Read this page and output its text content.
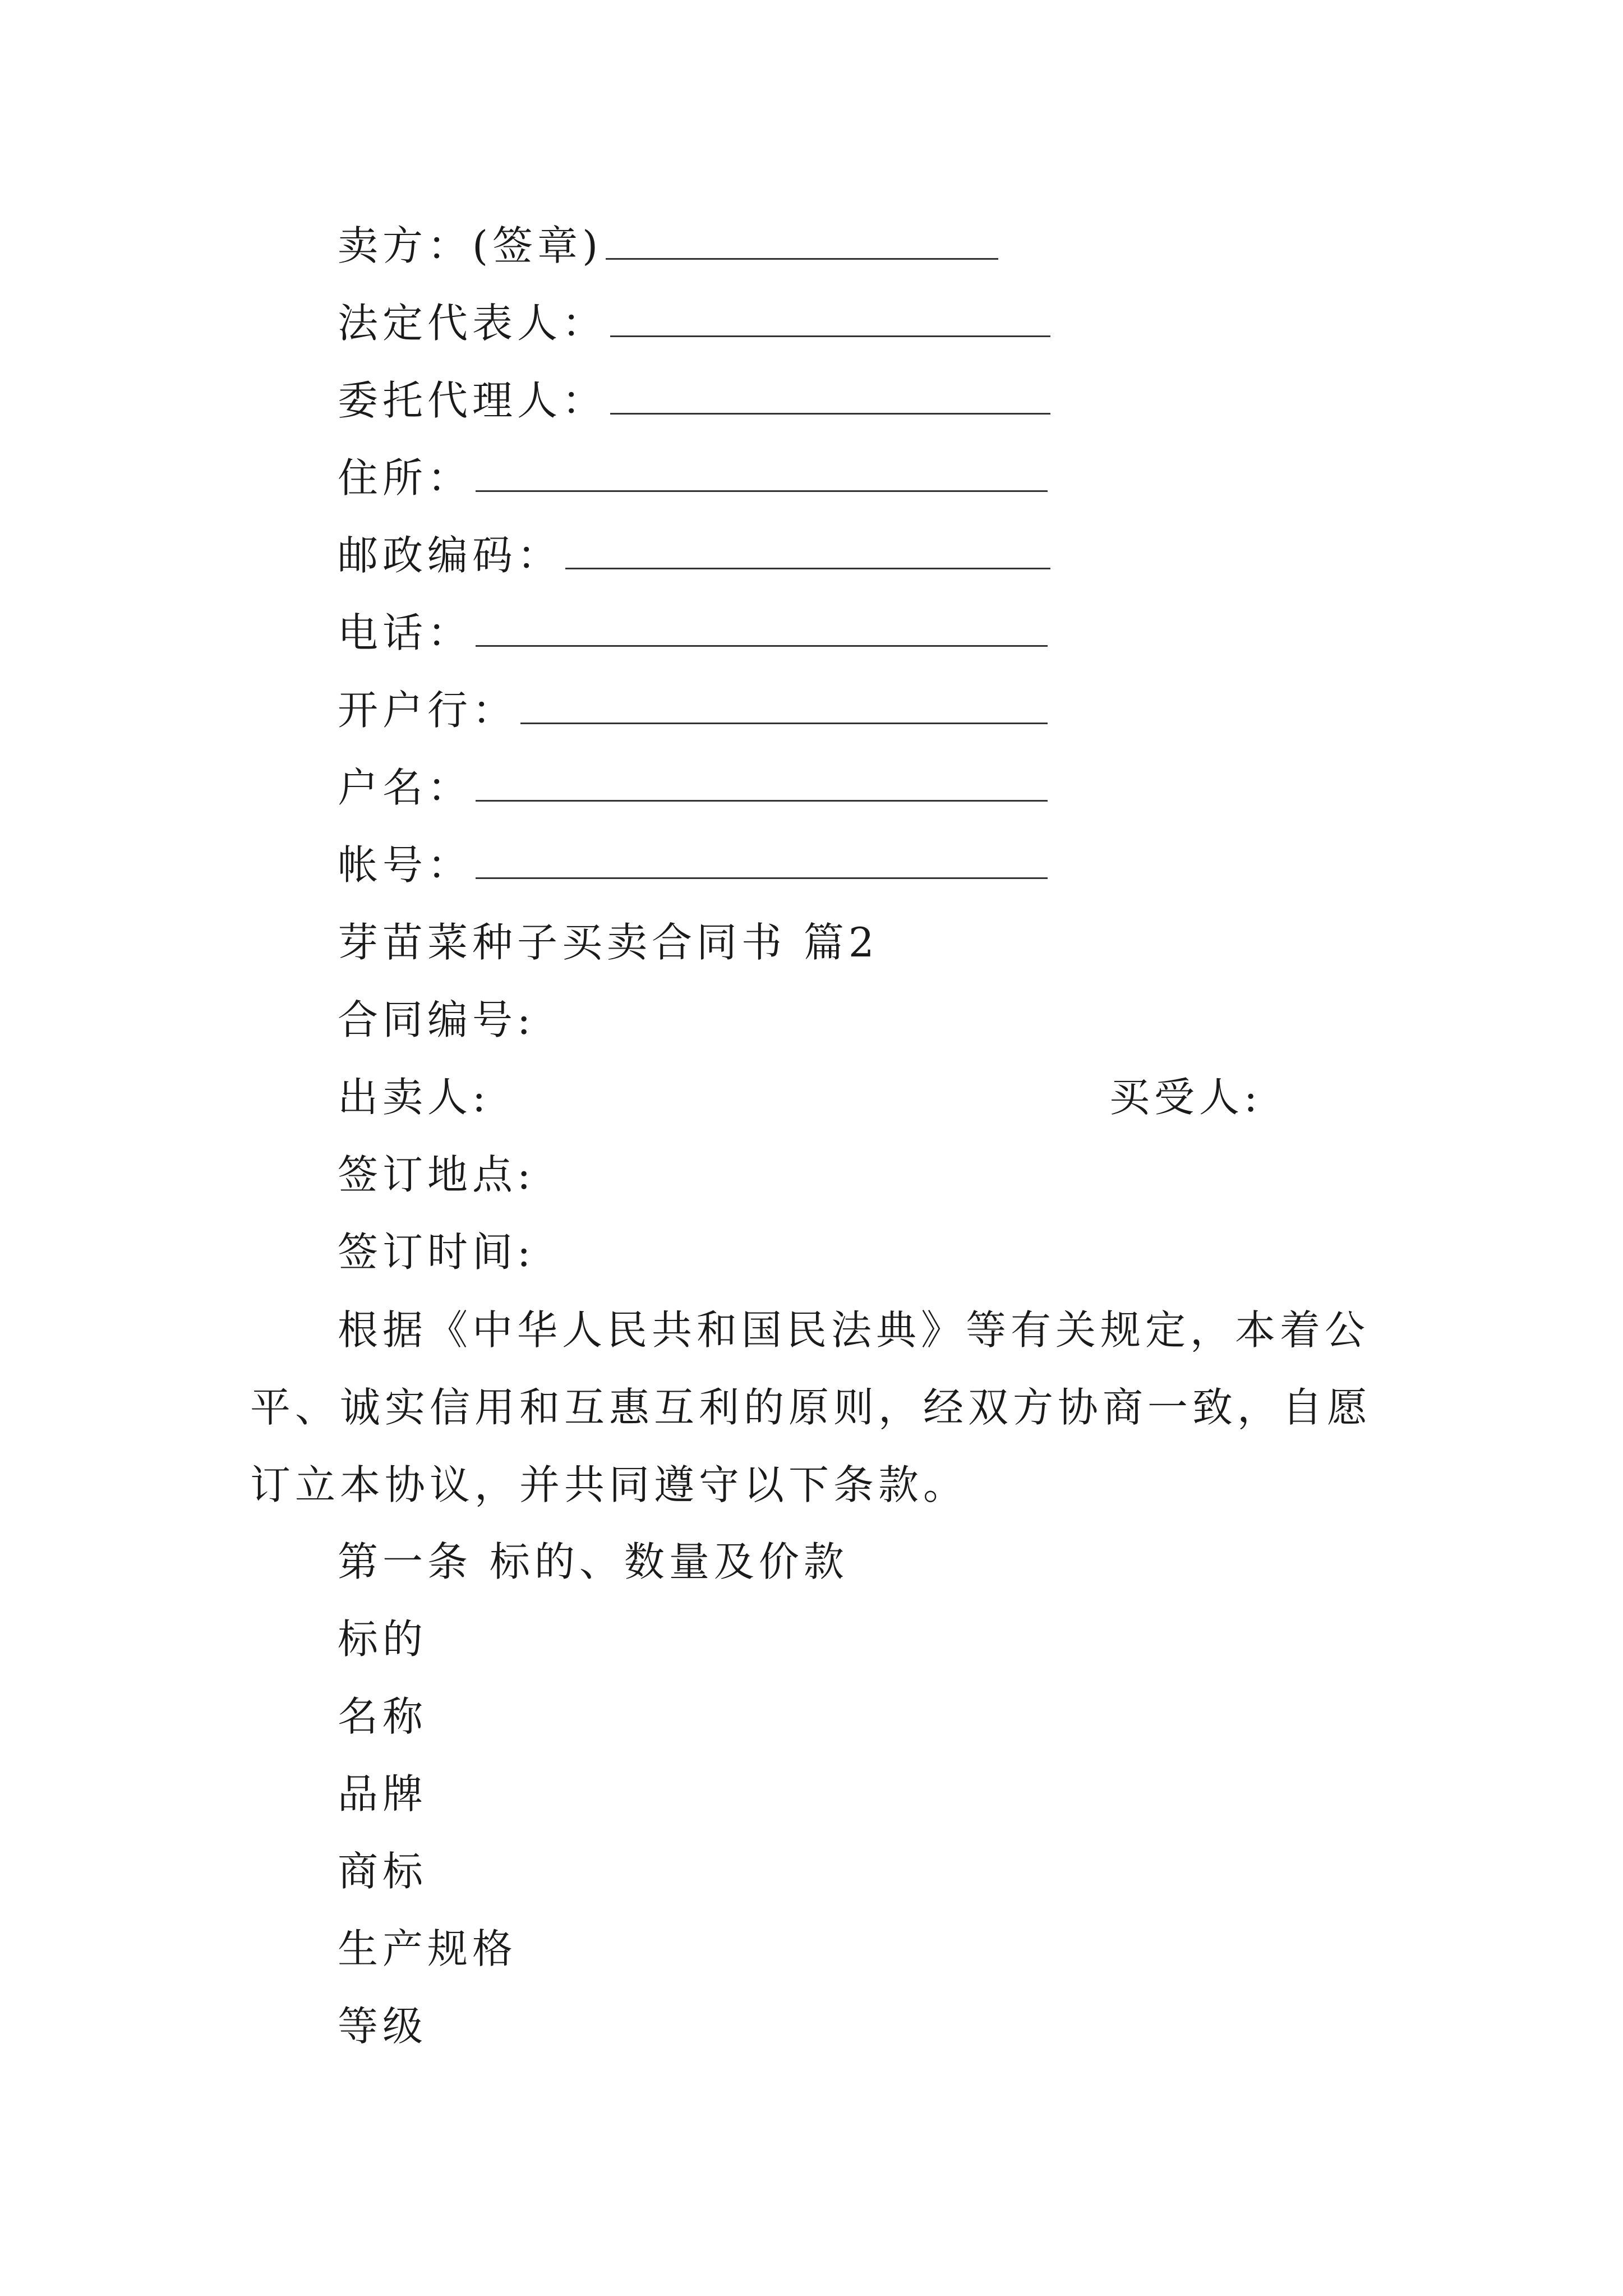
卖方：(签章)
法定代表人：
委托代理人：
住所：
邮政编码：
电话：
开户行：
户名：
帐号：
芽苗菜种子买卖合同书 篇2
合同编号:
出卖人:	买受人:
签订地点:
签订时间:
根据《中华人民共和国民法典》等有关规定，本着公平、诚实信用和互惠互利的原则，经双方协商一致，自愿订立本协议，并共同遵守以下条款。
第一条 标的、数量及价款
标的
名称
品牌
商标
生产规格
等级
